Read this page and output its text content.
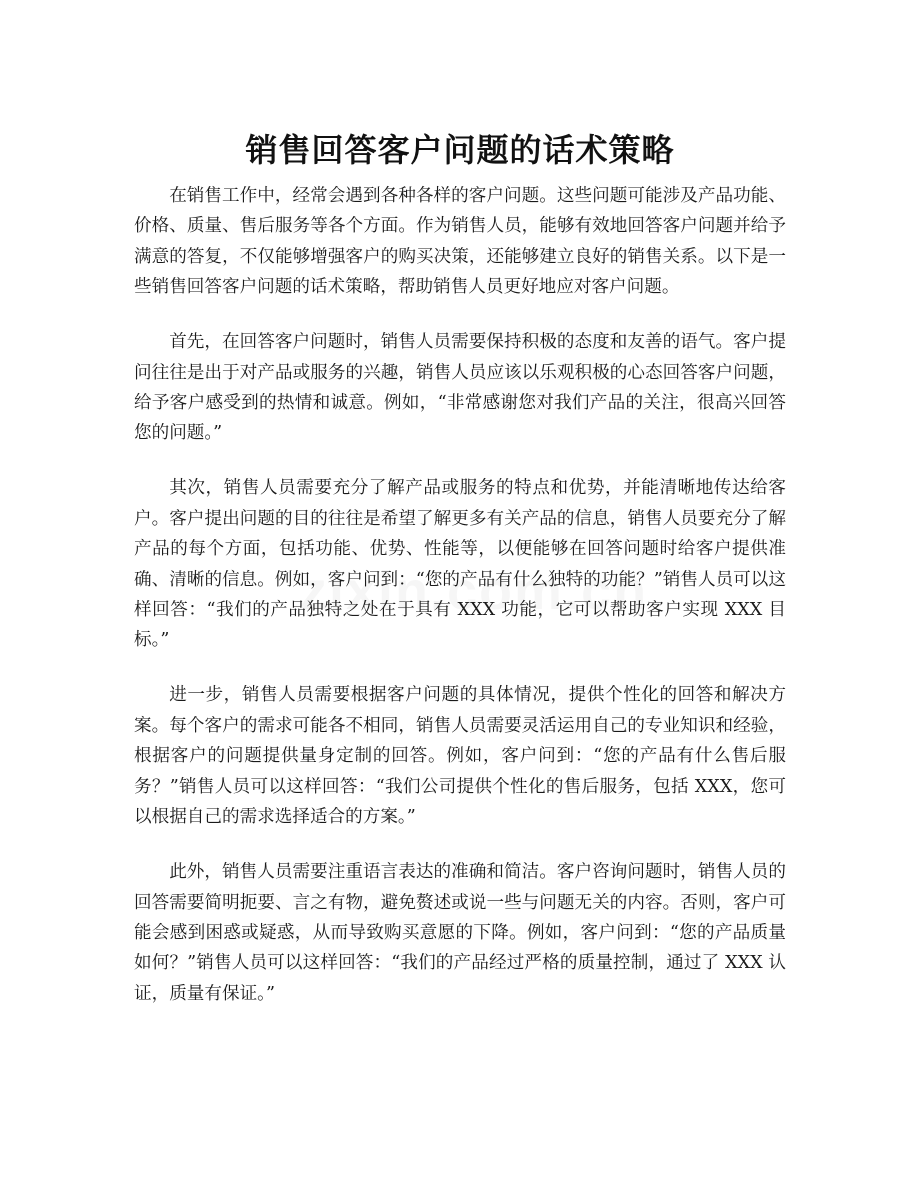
销售回答客户问题的话术策略

在销售工作中，经常会遇到各种各样的客户问题。这些问题可能涉及产品功能、价格、质量、售后服务等各个方面。作为销售人员，能够有效地回答客户问题并给予满意的答复，不仅能够增强客户的购买决策，还能够建立良好的销售关系。以下是一些销售回答客户问题的话术策略，帮助销售人员更好地应对客户问题。

首先，在回答客户问题时，销售人员需要保持积极的态度和友善的语气。客户提问往往是出于对产品或服务的兴趣，销售人员应该以乐观积极的心态回答客户问题，给予客户感受到的热情和诚意。例如，“非常感谢您对我们产品的关注，很高兴回答您的问题。”

其次，销售人员需要充分了解产品或服务的特点和优势，并能清晰地传达给客户。客户提出问题的目的往往是希望了解更多有关产品的信息，销售人员要充分了解产品的每个方面，包括功能、优势、性能等，以便能够在回答问题时给客户提供准确、清晰的信息。例如，客户问到：“您的产品有什么独特的功能？”销售人员可以这样回答：“我们的产品独特之处在于具有 XXX 功能，它可以帮助客户实现 XXX 目标。”

进一步，销售人员需要根据客户问题的具体情况，提供个性化的回答和解决方案。每个客户的需求可能各不相同，销售人员需要灵活运用自己的专业知识和经验，根据客户的问题提供量身定制的回答。例如，客户问到：“您的产品有什么售后服务？”销售人员可以这样回答：“我们公司提供个性化的售后服务，包括 XXX，您可以根据自己的需求选择适合的方案。”

此外，销售人员需要注重语言表达的准确和简洁。客户咨询问题时，销售人员的回答需要简明扼要、言之有物，避免赘述或说一些与问题无关的内容。否则，客户可能会感到困惑或疑惑，从而导致购买意愿的下降。例如，客户问到：“您的产品质量如何？”销售人员可以这样回答：“我们的产品经过严格的质量控制，通过了 XXX 认证，质量有保证。”
